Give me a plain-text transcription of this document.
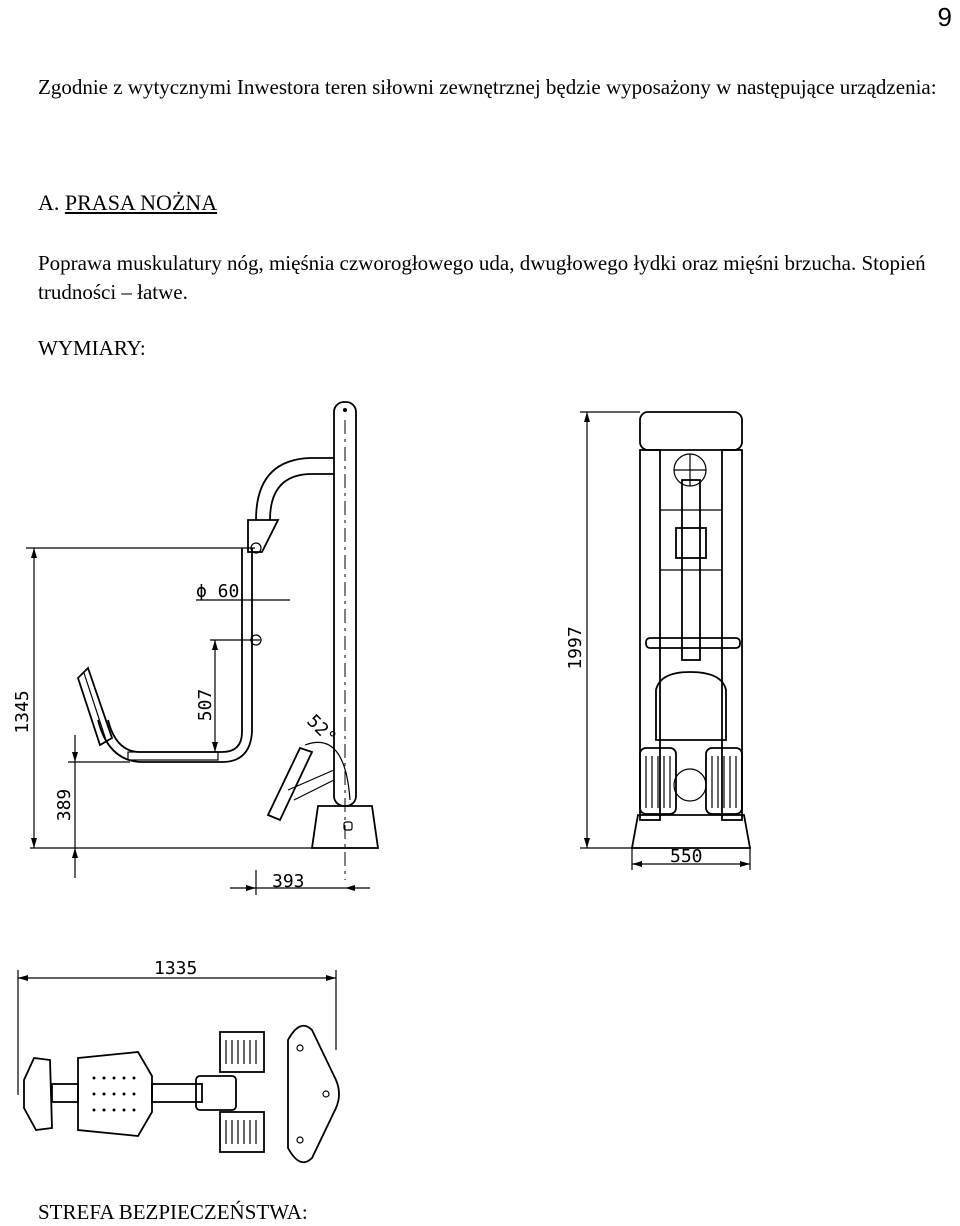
9
Zgodnie z wytycznymi Inwestora teren siłowni zewnętrznej będzie wyposażony w następujące urządzenia:
A. PRASA NOŻNA
Poprawa muskulatury nóg, mięśnia czworogłowego uda, dwugłowego łydki oraz mięśni brzucha. Stopień trudności – łatwe.
WYMIARY:
1345
389
ϕ 60
507
52°
393
1997
550
1335
STREFA BEZPIECZEŃSTWA:
